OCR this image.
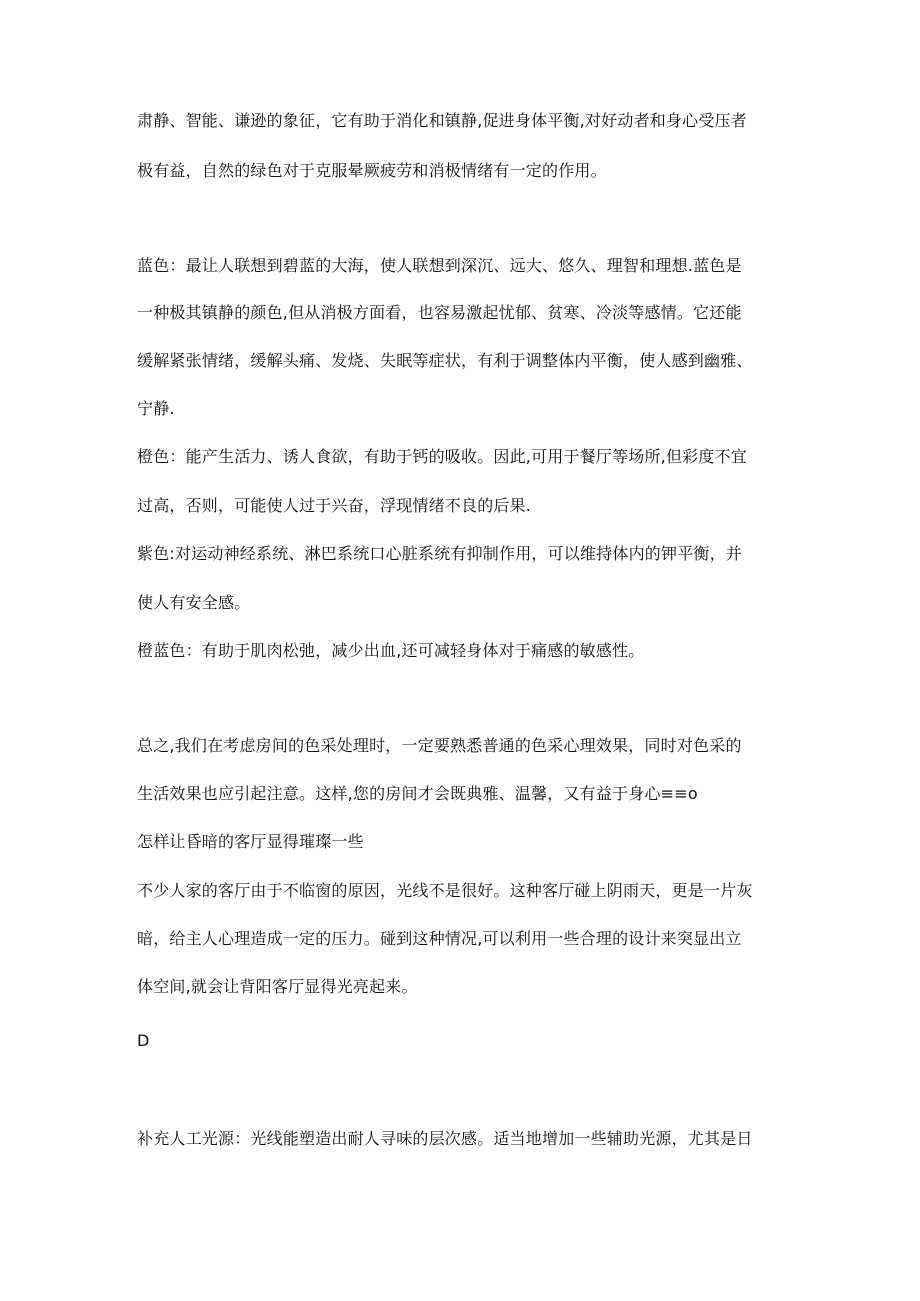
肃静、智能、谦逊的象征，它有助于消化和镇静,促进身体平衡,对好动者和身心受压者
极有益，自然的绿色对于克服晕厥疲劳和消极情绪有一定的作用。
蓝色：最让人联想到碧蓝的大海，使人联想到深沉、远大、悠久、理智和理想.蓝色是
一种极其镇静的颜色,但从消极方面看，也容易激起忧郁、贫寒、冷淡等感情。它还能
缓解紧张情绪，缓解头痛、发烧、失眠等症状，有利于调整体内平衡，使人感到幽雅、
宁静.
橙色：能产生活力、诱人食欲，有助于钙的吸收。因此,可用于餐厅等场所,但彩度不宜
过高，否则，可能使人过于兴奋，浮现情绪不良的后果.
紫色:对运动神经系统、淋巴系统口心脏系统有抑制作用，可以维持体内的钾平衡，并
使人有安全感。
橙蓝色：有助于肌肉松弛，减少出血,还可减轻身体对于痛感的敏感性。
总之,我们在考虑房间的色采处理时，一定要熟悉普通的色采心理效果，同时对色采的
生活效果也应引起注意。这样,您的房间才会既典雅、温馨，又有益于身心≡≡o
怎样让昏暗的客厅显得璀璨一些
不少人家的客厅由于不临窗的原因，光线不是很好。这种客厅碰上阴雨天，更是一片灰
暗，给主人心理造成一定的压力。碰到这种情况,可以利用一些合理的设计来突显出立
体空间,就会让背阳客厅显得光亮起来。
D
补充人工光源：光线能塑造出耐人寻味的层次感。适当地增加一些辅助光源，尤其是日
